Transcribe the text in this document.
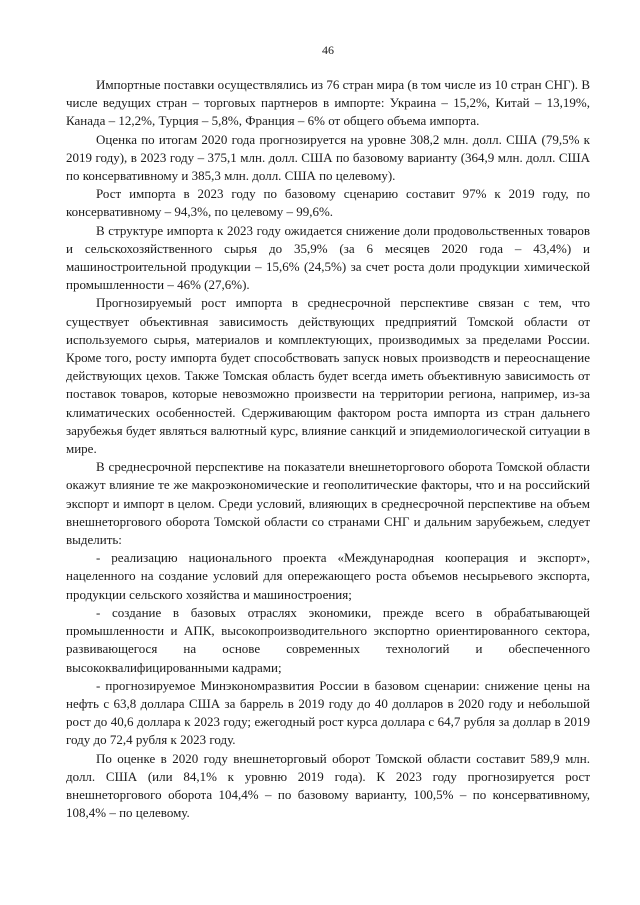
46

Импортные поставки осуществлялись из 76 стран мира (в том числе из 10 стран СНГ). В числе ведущих стран – торговых партнеров в импорте: Украина – 15,2%, Китай – 13,19%, Канада – 12,2%, Турция – 5,8%, Франция – 6% от общего объема импорта.

Оценка по итогам 2020 года прогнозируется на уровне 308,2 млн. долл. США (79,5% к 2019 году), в 2023 году – 375,1 млн. долл. США по базовому варианту (364,9 млн. долл. США по консервативному и 385,3 млн. долл. США по целевому).

Рост импорта в 2023 году по базовому сценарию составит 97% к 2019 году, по консервативному – 94,3%, по целевому – 99,6%.

В структуре импорта к 2023 году ожидается снижение доли продовольственных товаров и сельскохозяйственного сырья до 35,9% (за 6 месяцев 2020 года – 43,4%) и машиностроительной продукции – 15,6% (24,5%) за счет роста доли продукции химической промышленности – 46% (27,6%).

Прогнозируемый рост импорта в среднесрочной перспективе связан с тем, что существует объективная зависимость действующих предприятий Томской области от используемого сырья, материалов и комплектующих, производимых за пределами России. Кроме того, росту импорта будет способствовать запуск новых производств и переоснащение действующих цехов. Также Томская область будет всегда иметь объективную зависимость от поставок товаров, которые невозможно произвести на территории региона, например, из-за климатических особенностей. Сдерживающим фактором роста импорта из стран дальнего зарубежья будет являться валютный курс, влияние санкций и эпидемиологической ситуации в мире.

В среднесрочной перспективе на показатели внешнеторгового оборота Томской области окажут влияние те же макроэкономические и геополитические факторы, что и на российский экспорт и импорт в целом. Среди условий, влияющих в среднесрочной перспективе на объем внешнеторгового оборота Томской области со странами СНГ и дальним зарубежьем, следует выделить:

- реализацию национального проекта «Международная кооперация и экспорт», нацеленного на создание условий для опережающего роста объемов несырьевого экспорта, продукции сельского хозяйства и машиностроения;

- создание в базовых отраслях экономики, прежде всего в обрабатывающей промышленности и АПК, высокопроизводительного экспортно ориентированного сектора, развивающегося на основе современных технологий и обеспеченного высококвалифицированными кадрами;

- прогнозируемое Минэкономразвития России в базовом сценарии: снижение цены на нефть с 63,8 доллара США за баррель в 2019 году до 40 долларов в 2020 году и небольшой рост до 40,6 доллара к 2023 году; ежегодный рост курса доллара с 64,7 рубля за доллар в 2019 году до 72,4 рубля к 2023 году.

По оценке в 2020 году внешнеторговый оборот Томской области составит 589,9 млн. долл. США (или 84,1% к уровню 2019 года). К 2023 году прогнозируется рост внешнеторгового оборота 104,4% – по базовому варианту, 100,5% – по консервативному, 108,4% – по целевому.
